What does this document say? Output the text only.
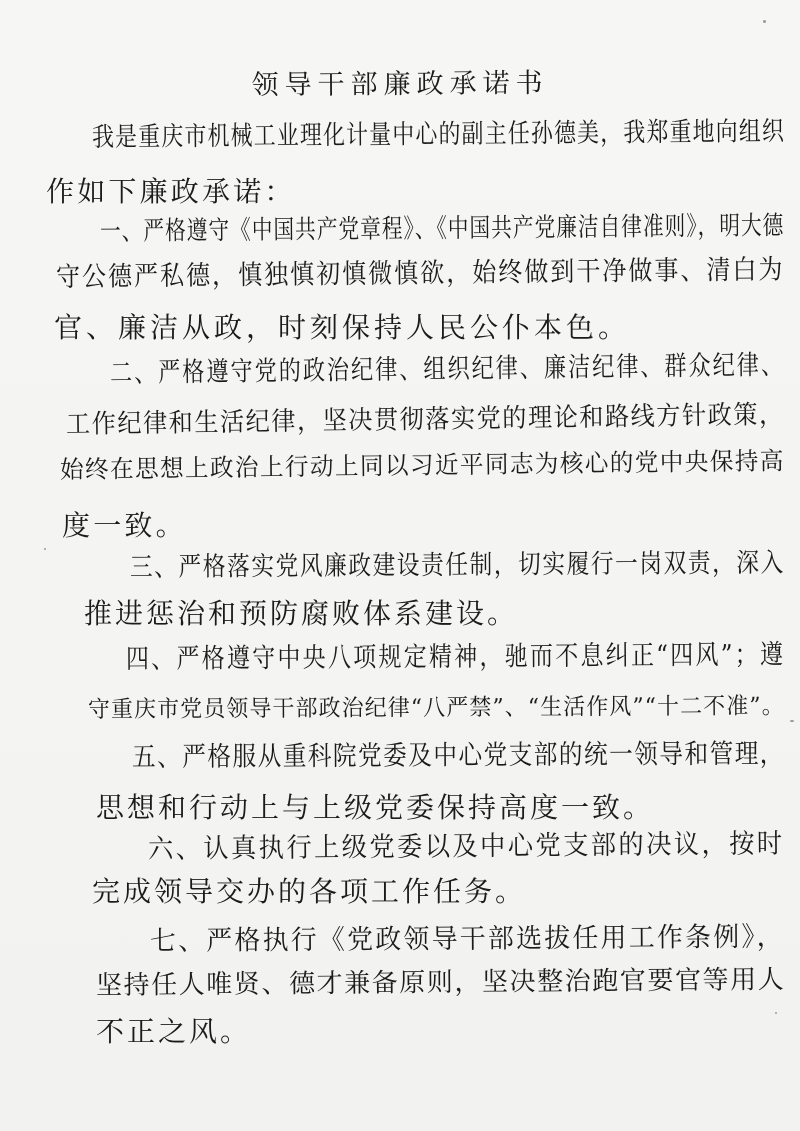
领导干部廉政承诺书
我是重庆市机械工业理化计量中心的副主任孙德美，我郑重地向组织
作如下廉政承诺：
一、严格遵守《中国共产党章程》、《中国共产党廉洁自律准则》，明大德
守公德严私德，慎独慎初慎微慎欲，始终做到干净做事、清白为
官、廉洁从政，时刻保持人民公仆本色。
二、严格遵守党的政治纪律、组织纪律、廉洁纪律、群众纪律、
工作纪律和生活纪律，坚决贯彻落实党的理论和路线方针政策，
始终在思想上政治上行动上同以习近平同志为核心的党中央保持高
度一致。
三、严格落实党风廉政建设责任制，切实履行一岗双责，深入
推进惩治和预防腐败体系建设。
四、严格遵守中央八项规定精神，驰而不息纠正“四风”；遵
守重庆市党员领导干部政治纪律“八严禁”、“生活作风”“十二不准”。
五、严格服从重科院党委及中心党支部的统一领导和管理，
思想和行动上与上级党委保持高度一致。
六、认真执行上级党委以及中心党支部的决议，按时
完成领导交办的各项工作任务。
七、严格执行《党政领导干部选拔任用工作条例》，
坚持任人唯贤、德才兼备原则，坚决整治跑官要官等用人
不正之风。
